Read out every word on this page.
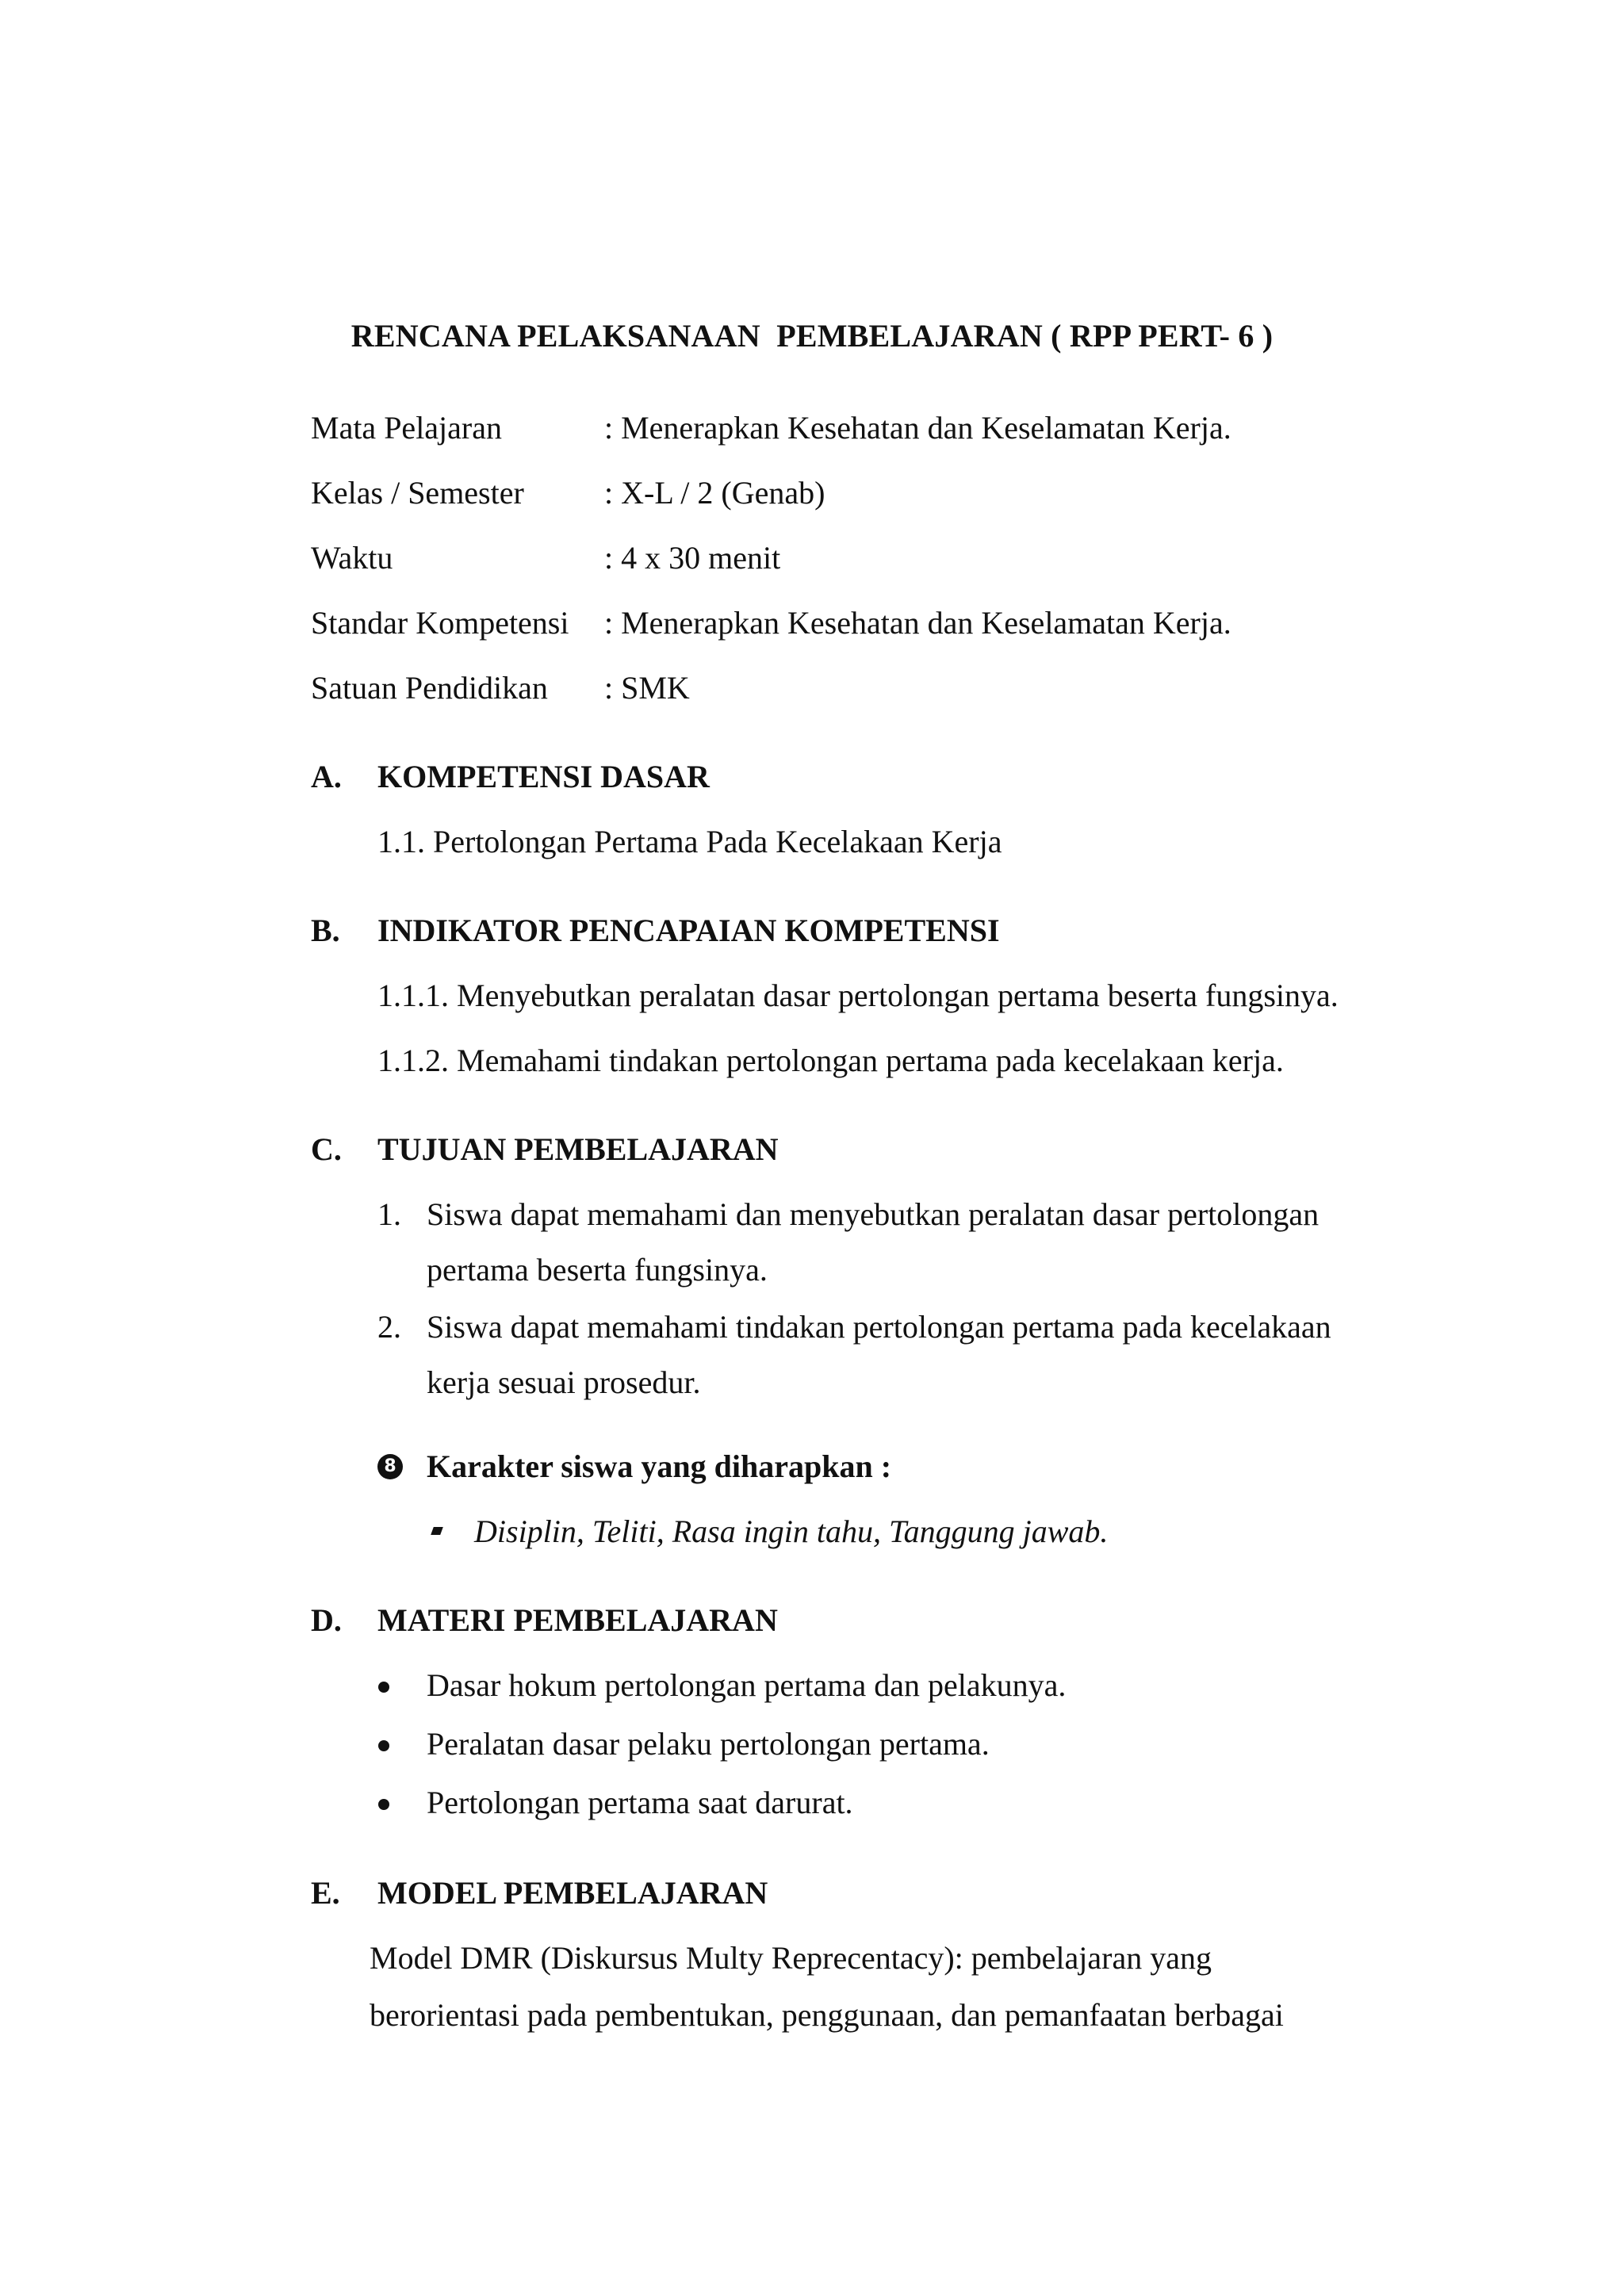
RENCANA PELAKSANAAN  PEMBELAJARAN ( RPP PERT- 6 )
Mata Pelajaran	: Menerapkan Kesehatan dan Keselamatan Kerja.
Kelas / Semester	: X-L / 2 (Genab)
Waktu	: 4 x 30 menit
Standar Kompetensi : Menerapkan Kesehatan dan Keselamatan Kerja.
Satuan Pendidikan : SMK
A. KOMPETENSI DASAR
1.1. Pertolongan Pertama Pada Kecelakaan Kerja
B. INDIKATOR PENCAPAIAN KOMPETENSI
1.1.1. Menyebutkan peralatan dasar pertolongan pertama beserta fungsinya.
1.1.2. Memahami tindakan pertolongan pertama pada kecelakaan kerja.
C. TUJUAN PEMBELAJARAN
1. Siswa dapat memahami dan menyebutkan peralatan dasar pertolongan
pertama beserta fungsinya.
2. Siswa dapat memahami tindakan pertolongan pertama pada kecelakaan
kerja sesuai prosedur.
8 Karakter siswa yang diharapkan :
Disiplin, Teliti, Rasa ingin tahu, Tanggung jawab.
D. MATERI PEMBELAJARAN
Dasar hokum pertolongan pertama dan pelakunya.
Peralatan dasar pelaku pertolongan pertama.
Pertolongan pertama saat darurat.
E. MODEL PEMBELAJARAN
Model DMR (Diskursus Multy Reprecentacy): pembelajaran yang
berorientasi pada pembentukan, penggunaan, dan pemanfaatan berbagai
